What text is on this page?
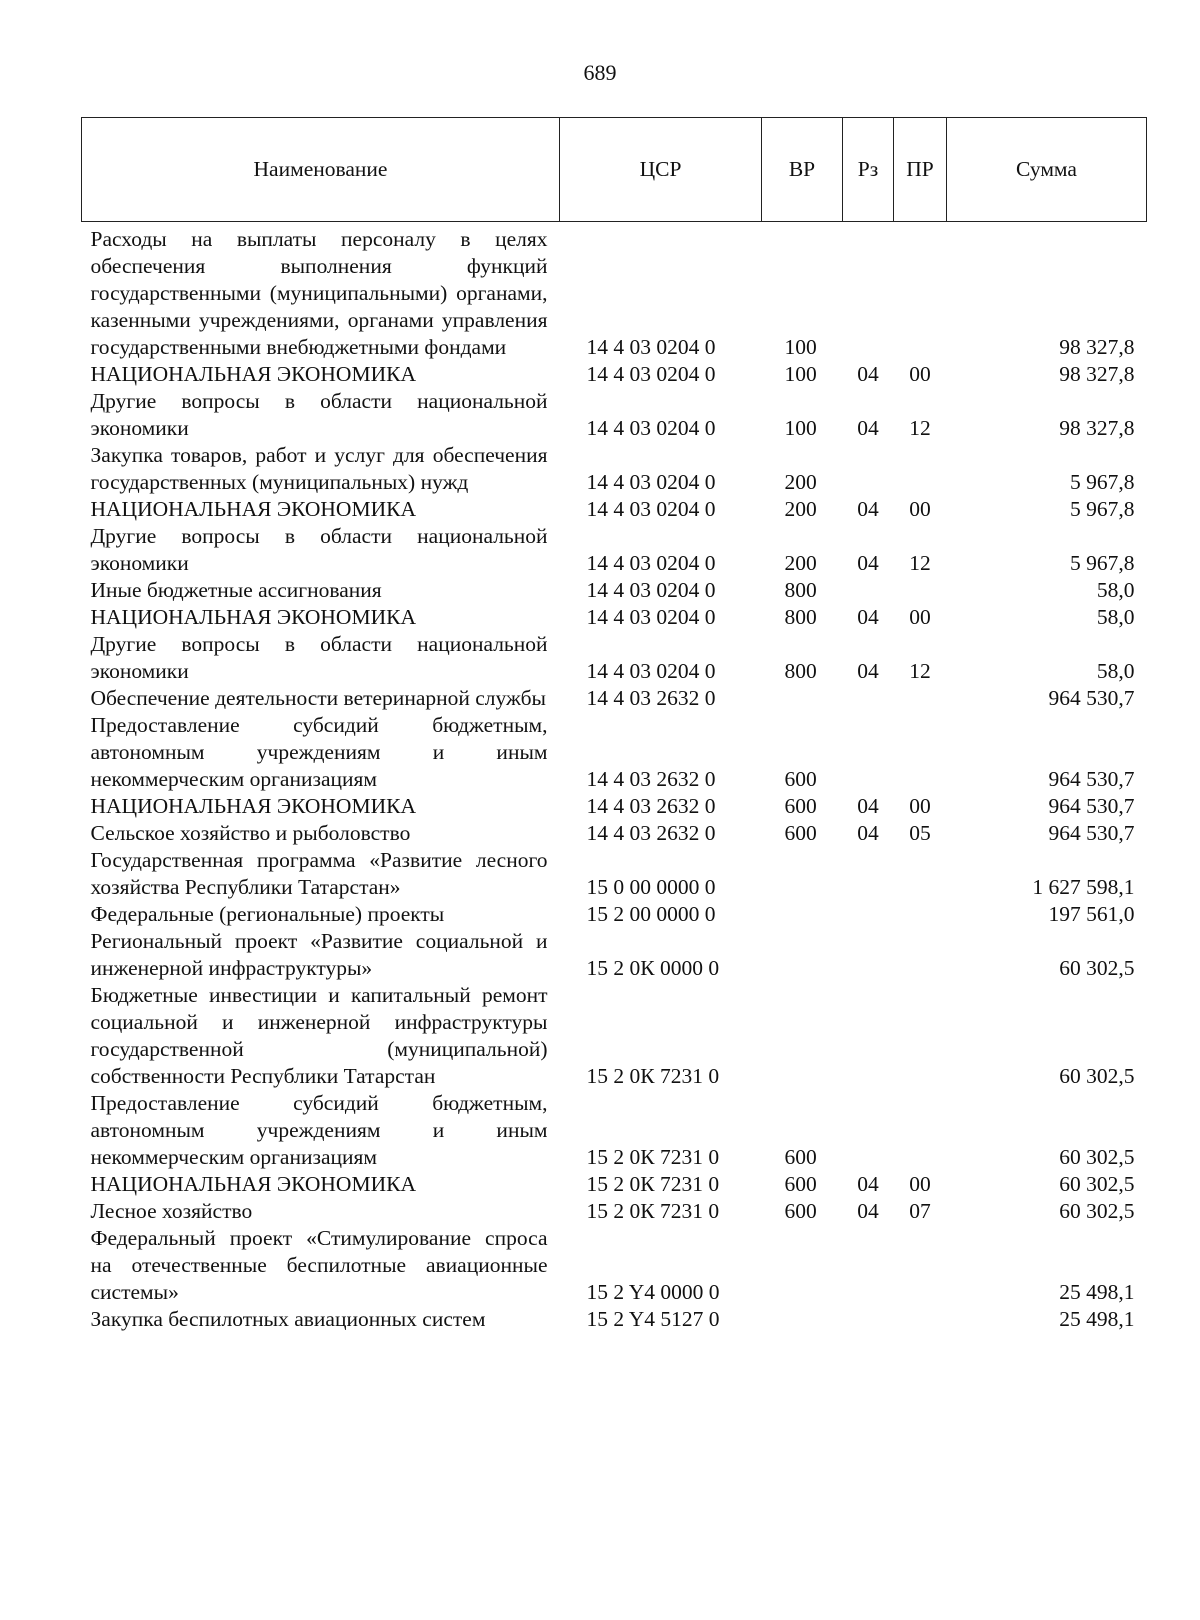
689
Наименование	ЦСР	ВР	Рз	ПР	Сумма
Расходы на выплаты персоналу в целях обеспечения выполнения функций государственными (муниципальными) органами, казенными учреждениями, органами управления государственными внебюджетными фондами	14 4 03 0204 0	100			98 327,8
НАЦИОНАЛЬНАЯ ЭКОНОМИКА	14 4 03 0204 0	100	04	00	98 327,8
Другие вопросы в области национальной экономики	14 4 03 0204 0	100	04	12	98 327,8
Закупка товаров, работ и услуг для обеспечения государственных (муниципальных) нужд	14 4 03 0204 0	200			5 967,8
НАЦИОНАЛЬНАЯ ЭКОНОМИКА	14 4 03 0204 0	200	04	00	5 967,8
Другие вопросы в области национальной экономики	14 4 03 0204 0	200	04	12	5 967,8
Иные бюджетные ассигнования	14 4 03 0204 0	800			58,0
НАЦИОНАЛЬНАЯ ЭКОНОМИКА	14 4 03 0204 0	800	04	00	58,0
Другие вопросы в области национальной экономики	14 4 03 0204 0	800	04	12	58,0
Обеспечение деятельности ветеринарной службы	14 4 03 2632 0				964 530,7
Предоставление субсидий бюджетным, автономным учреждениям и иным некоммерческим организациям	14 4 03 2632 0	600			964 530,7
НАЦИОНАЛЬНАЯ ЭКОНОМИКА	14 4 03 2632 0	600	04	00	964 530,7
Сельское хозяйство и рыболовство	14 4 03 2632 0	600	04	05	964 530,7
Государственная программа «Развитие лесного хозяйства Республики Татарстан»	15 0 00 0000 0				1 627 598,1
Федеральные (региональные) проекты	15 2 00 0000 0				197 561,0
Региональный проект «Развитие социальной и инженерной инфраструктуры»	15 2 0К 0000 0				60 302,5
Бюджетные инвестиции и капитальный ремонт социальной и инженерной инфраструктуры государственной (муниципальной) собственности Республики Татарстан	15 2 0К 7231 0				60 302,5
Предоставление субсидий бюджетным, автономным учреждениям и иным некоммерческим организациям	15 2 0К 7231 0	600			60 302,5
НАЦИОНАЛЬНАЯ ЭКОНОМИКА	15 2 0К 7231 0	600	04	00	60 302,5
Лесное хозяйство	15 2 0К 7231 0	600	04	07	60 302,5
Федеральный проект «Стимулирование спроса на отечественные беспилотные авиационные системы»	15 2 Y4 0000 0				25 498,1
Закупка беспилотных авиационных систем	15 2 Y4 5127 0				25 498,1
